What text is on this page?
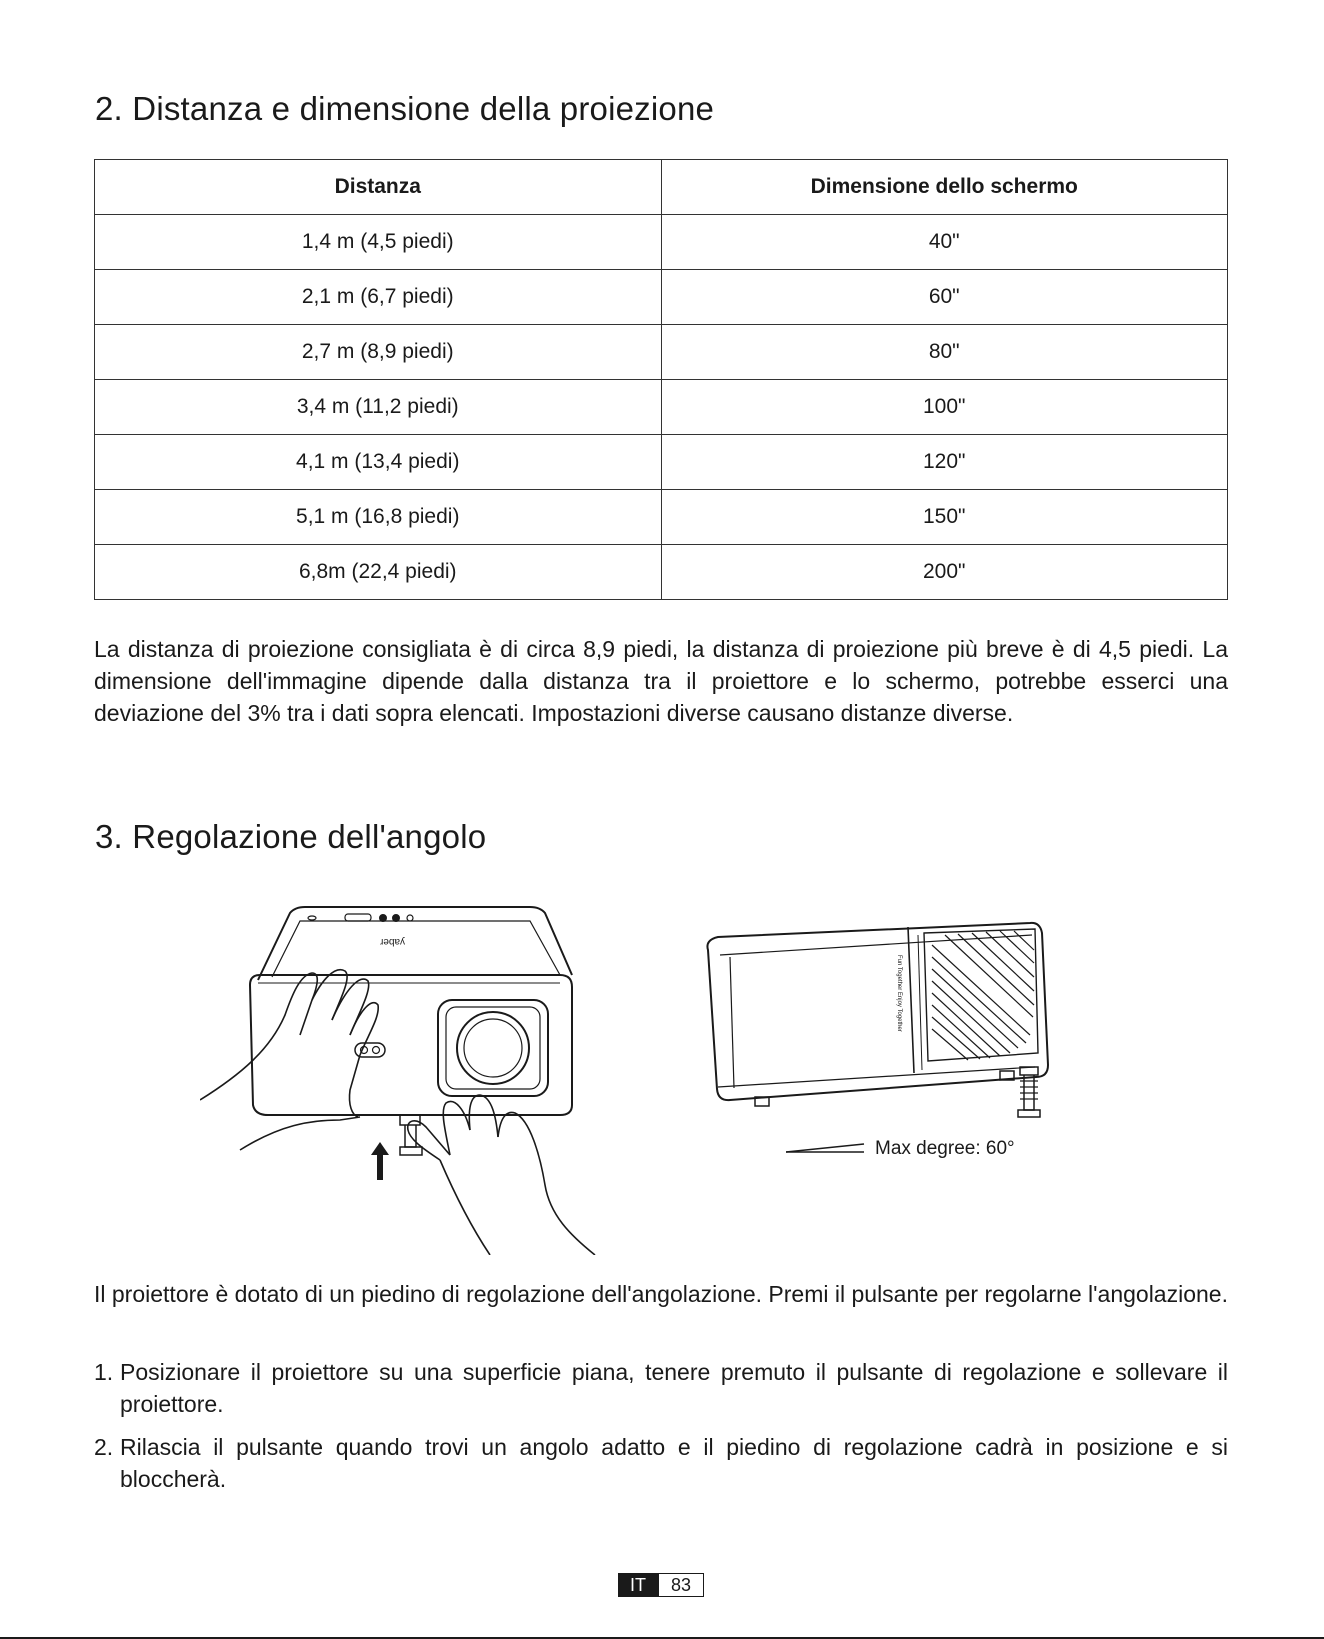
2. Distanza e dimensione della proiezione
Distanza	Dimensione dello schermo
1,4 m (4,5 piedi)	40"
2,1 m (6,7 piedi)	60"
2,7 m (8,9 piedi)	80"
3,4 m (11,2 piedi)	100"
4,1 m (13,4 piedi)	120"
5,1 m (16,8 piedi)	150"
6,8m (22,4 piedi)	200"

La distanza di proiezione consigliata è di circa 8,9 piedi, la distanza di proiezione più breve è di 4,5 piedi. La dimensione dell'immagine dipende dalla distanza tra il proiettore e lo schermo, potrebbe esserci una deviazione del 3% tra i dati sopra elencati. Impostazioni diverse causano distanze diverse.

3. Regolazione dell'angolo
yaber
Fun Together Enjoy Together
Max degree: 60°

Il proiettore è dotato di un piedino di regolazione dell'angolazione. Premi il pulsante per regolarne l'angolazione.

1. Posizionare il proiettore su una superficie piana, tenere premuto il pulsante di regolazione e sollevare il proiettore.
2. Rilascia il pulsante quando trovi un angolo adatto e il piedino di regolazione cadrà in posizione e si bloccherà.
IT	83
